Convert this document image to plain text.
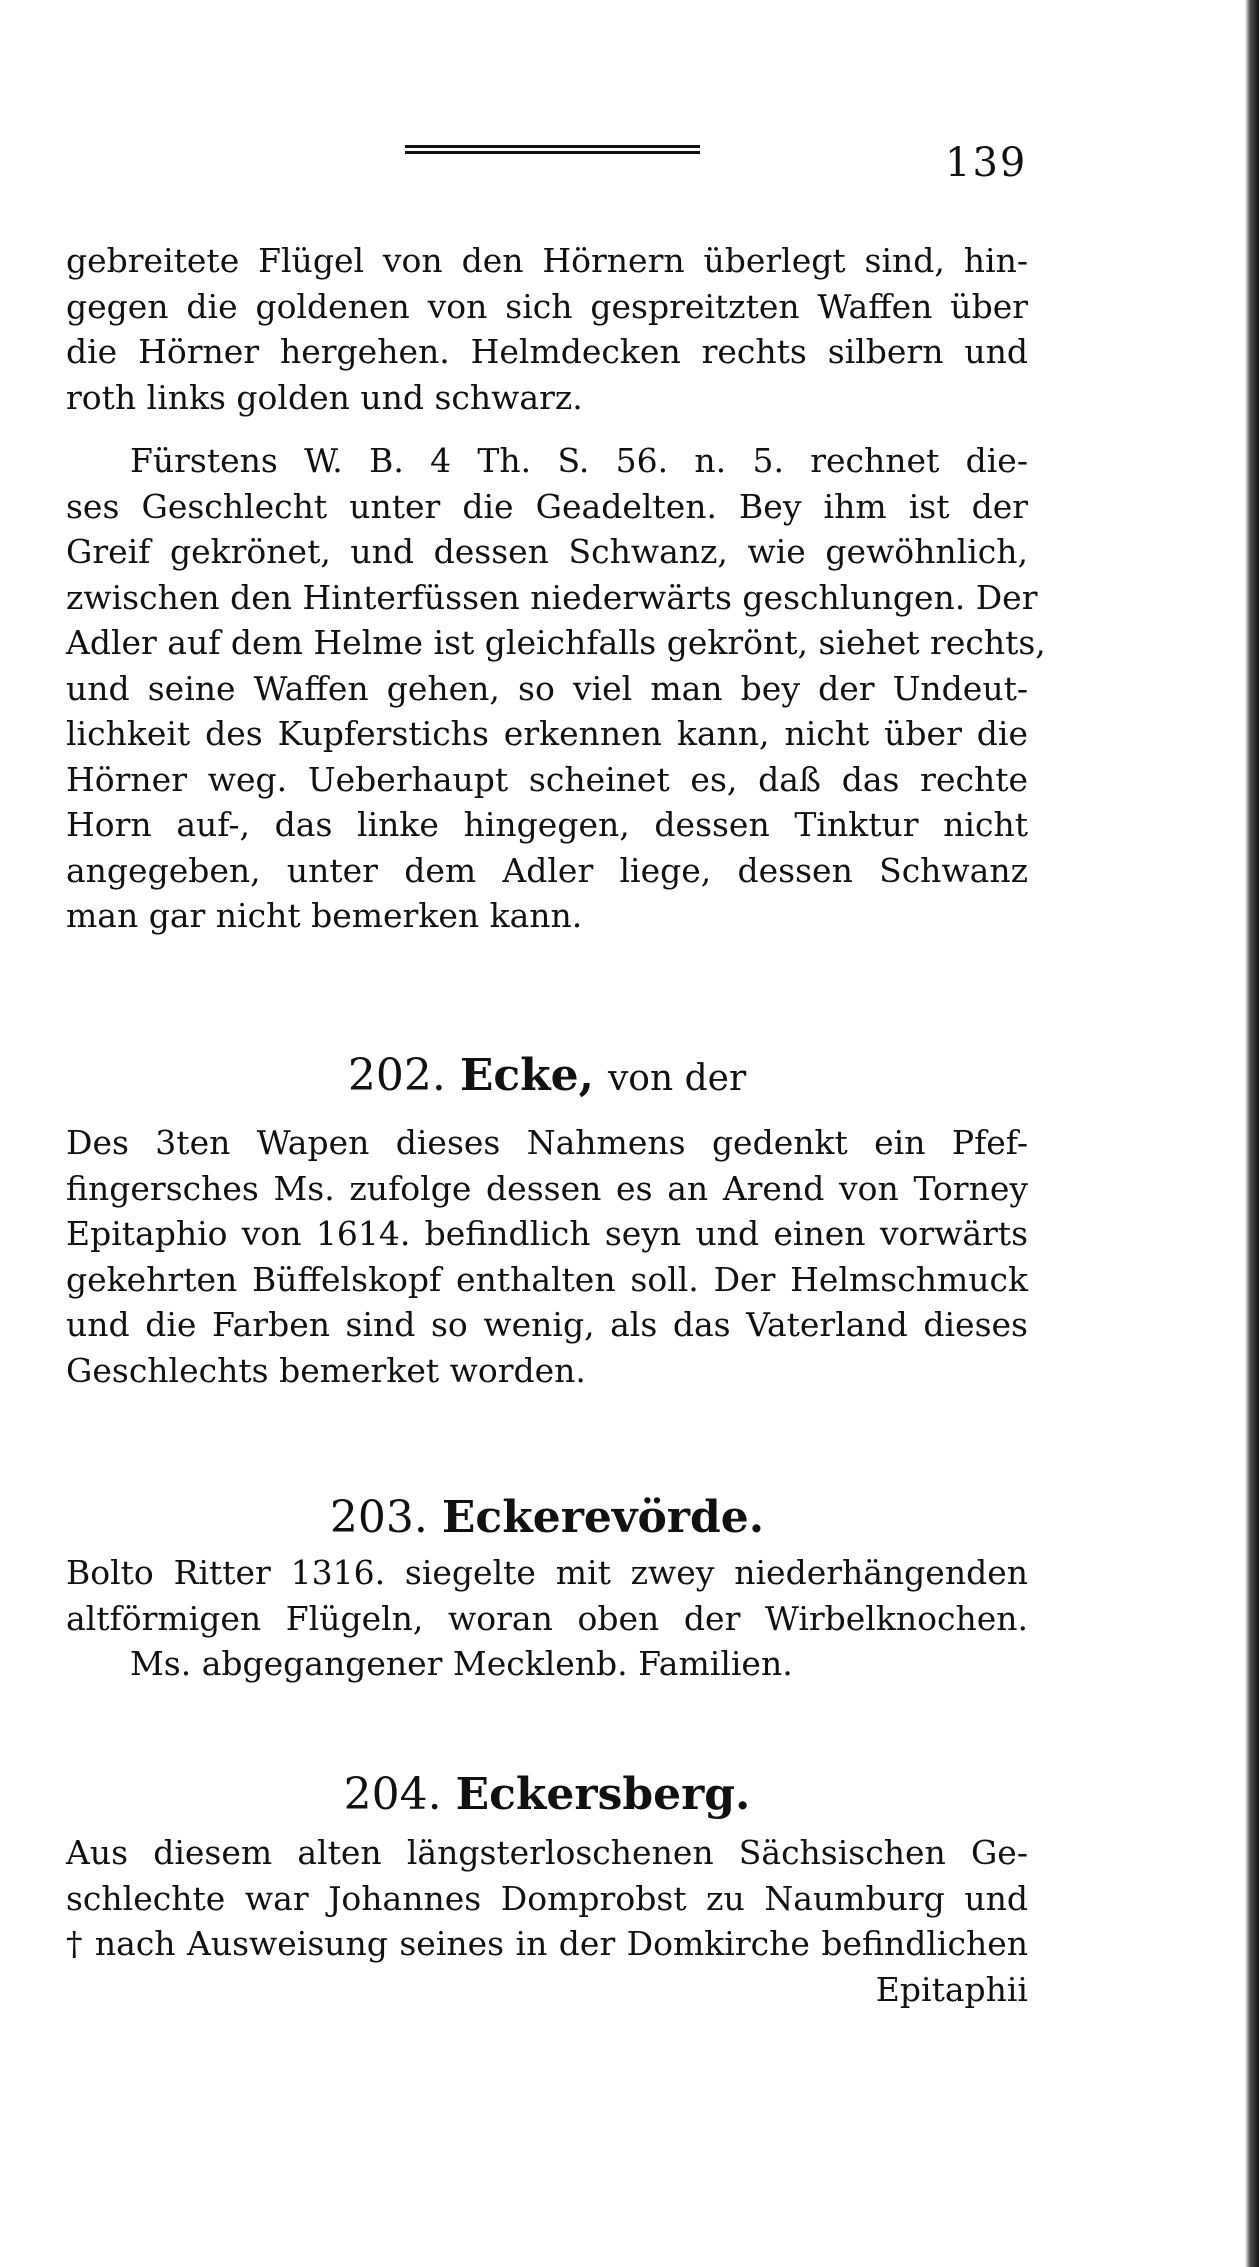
139
gebreitete Flügel von den Hörnern überlegt sind, hin-
gegen die goldenen von sich gespreitzten Waffen über
die Hörner hergehen. Helmdecken rechts silbern und
roth links golden und schwarz.
Fürstens W. B. 4 Th. S. 56. n. 5. rechnet die-
ses Geschlecht unter die Geadelten. Bey ihm ist der
Greif gekrönet, und dessen Schwanz, wie gewöhnlich,
zwischen den Hinterfüssen niederwärts geschlungen. Der
Adler auf dem Helme ist gleichfalls gekrönt, siehet rechts,
und seine Waffen gehen, so viel man bey der Undeut-
lichkeit des Kupferstichs erkennen kann, nicht über die
Hörner weg. Ueberhaupt scheinet es, daß das rechte
Horn auf-, das linke hingegen, dessen Tinktur nicht
angegeben, unter dem Adler liege, dessen Schwanz
man gar nicht bemerken kann.
202. Ecke, von der
Des 3ten Wapen dieses Nahmens gedenkt ein Pfef-
fingersches Ms. zufolge dessen es an Arend von Torney
Epitaphio von 1614. befindlich seyn und einen vorwärts
gekehrten Büffelskopf enthalten soll. Der Helmschmuck
und die Farben sind so wenig, als das Vaterland dieses
Geschlechts bemerket worden.
203. Eckerevörde.
Bolto Ritter 1316. siegelte mit zwey niederhängenden
altförmigen Flügeln, woran oben der Wirbelknochen.
Ms. abgegangener Mecklenb. Familien.
204. Eckersberg.
Aus diesem alten längsterloschenen Sächsischen Ge-
schlechte war Johannes Domprobst zu Naumburg und
† nach Ausweisung seines in der Domkirche befindlichen
Epitaphii
